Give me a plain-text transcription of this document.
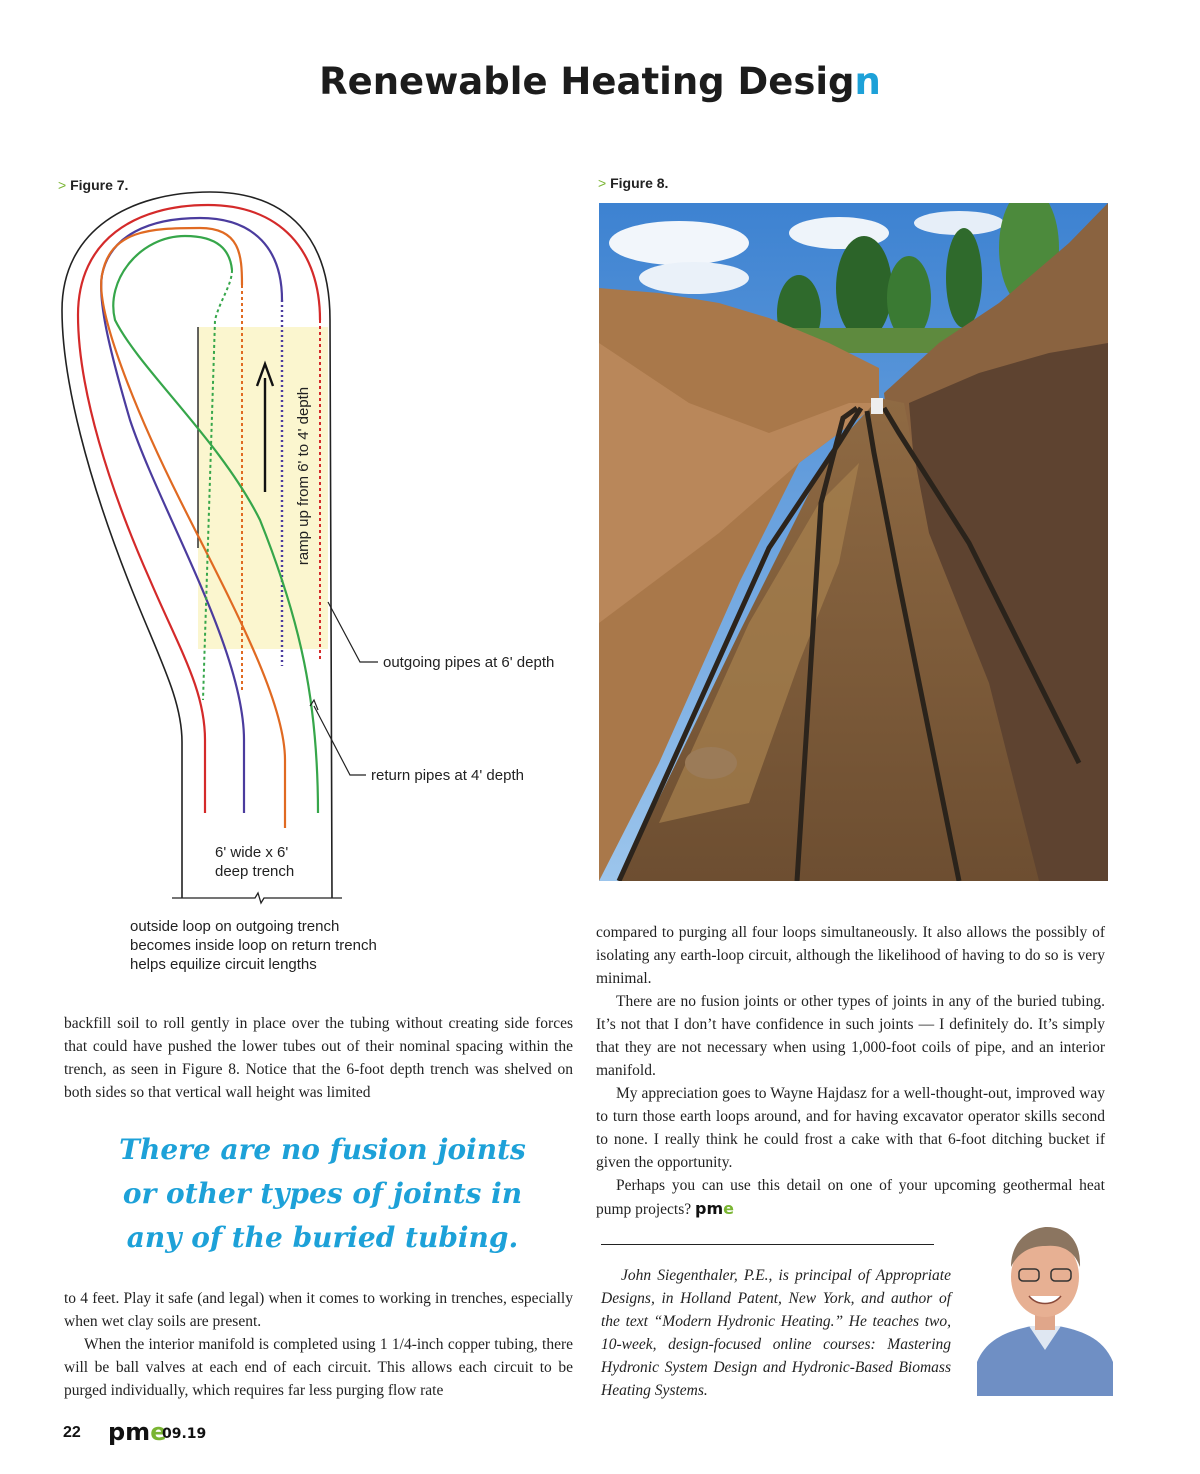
Renewable Heating Design
> Figure 7.
ramp up from 6' to 4' depth
outgoing pipes at 6' depth
return pipes at 4' depth
6' wide x 6'
deep trench
outside loop on outgoing trench
becomes inside loop on return trench
helps equilize circuit lengths
> Figure 8.

backfill soil to roll gently in place over the tubing without creating side forces that could have pushed the lower tubes out of their nominal spacing within the trench, as seen in Figure 8. Notice that the 6-foot depth trench was shelved on both sides so that vertical wall height was limited

There are no fusion joints
or other types of joints in
any of the buried tubing.

to 4 feet. Play it safe (and legal) when it comes to working in trenches, especially when wet clay soils are present.

When the interior manifold is completed using 1 1/4-inch copper tubing, there will be ball valves at each end of each circuit. This allows each circuit to be purged individually, which requires far less purging flow rate

compared to purging all four loops simultaneously. It also allows the possibly of isolating any earth-loop circuit, although the likelihood of having to do so is very minimal.

There are no fusion joints or other types of joints in any of the buried tubing. It’s not that I don’t have confidence in such joints — I definitely do. It’s simply that they are not necessary when using 1,000-foot coils of pipe, and an interior manifold.

My appreciation goes to Wayne Hajdasz for a well-thought-out, improved way to turn those earth loops around, and for having excavator operator skills second to none. I really think he could frost a cake with that 6-foot ditching bucket if given the opportunity.

Perhaps you can use this detail on one of your upcoming geothermal heat pump projects? pme

John Siegenthaler, P.E., is principal of Appropriate Designs, in Holland Patent, New York, and author of the text “Modern Hydronic Heating.” He teaches two, 10-week, design-focused online courses: Mastering Hydronic System Design and Hydronic-Based Biomass Heating Systems.
22 pme
09.19
